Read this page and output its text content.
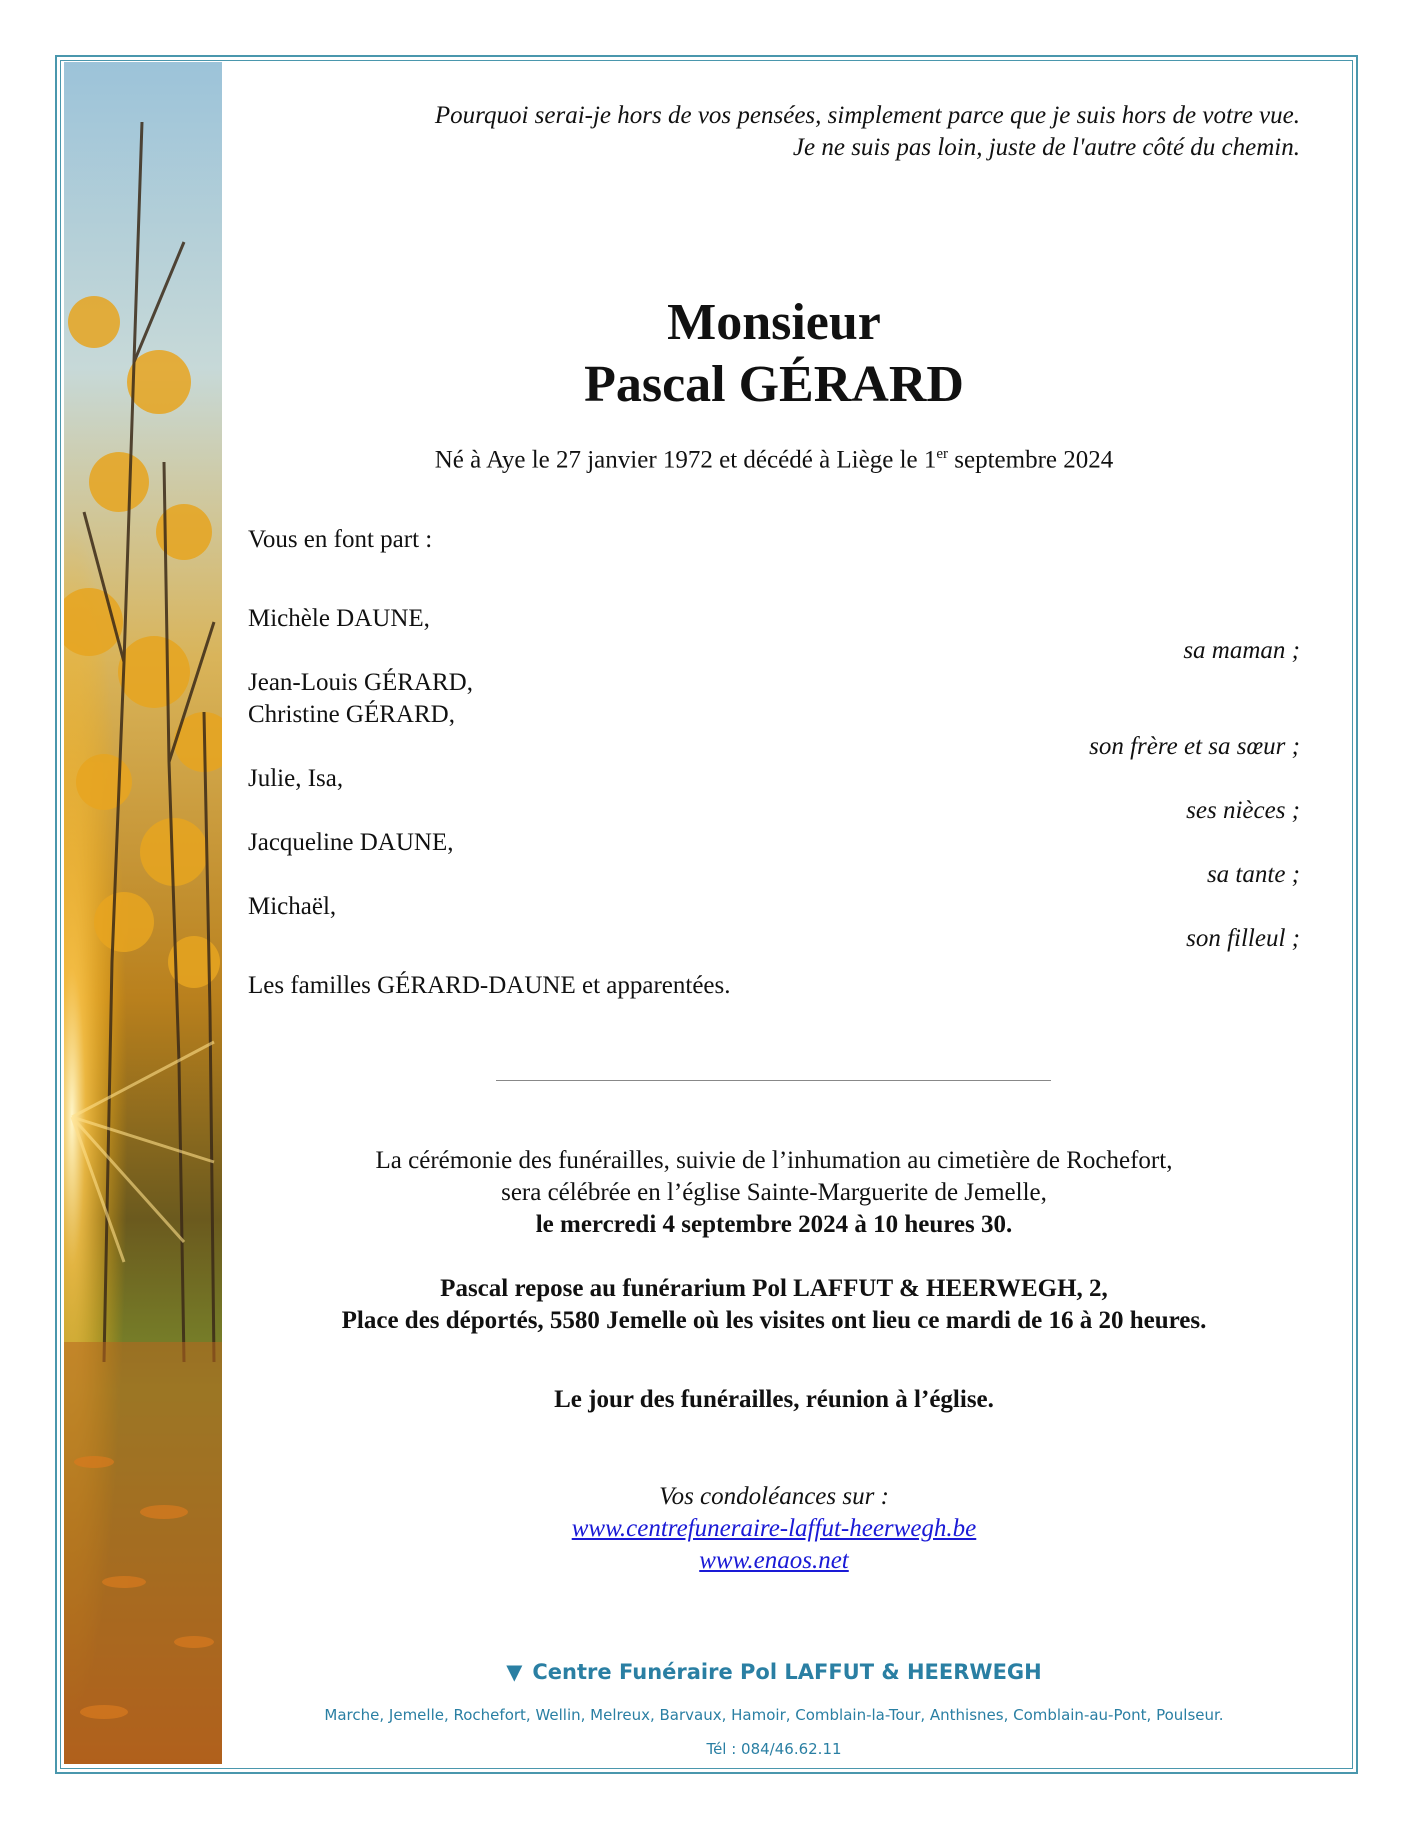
Pourquoi serai-je hors de vos pensées, simplement parce que je suis hors de votre vue.
Je ne suis pas loin, juste de l'autre côté du chemin.
Monsieur
Pascal GÉRARD
Né à Aye le 27 janvier 1972 et décédé à Liège le 1er septembre 2024
Vous en font part :
Michèle DAUNE,
sa maman ;
Jean-Louis GÉRARD,
Christine GÉRARD,
son frère et sa sœur ;
Julie, Isa,
ses nièces ;
Jacqueline DAUNE,
sa tante ;
Michaël,
son filleul ;
Les familles GÉRARD-DAUNE et apparentées.
La cérémonie des funérailles, suivie de l’inhumation au cimetière de Rochefort,
sera célébrée en l’église Sainte-Marguerite de Jemelle,
le mercredi 4 septembre 2024 à 10 heures 30.
Pascal repose au funérarium Pol LAFFUT & HEERWEGH, 2,
Place des déportés, 5580 Jemelle où les visites ont lieu ce mardi de 16 à 20 heures.
Le jour des funérailles, réunion à l’église.
Vos condoléances sur :
www.centrefuneraire-laffut-heerwegh.be
www.enaos.net
▼ Centre Funéraire Pol LAFFUT & HEERWEGH
Marche, Jemelle, Rochefort, Wellin, Melreux, Barvaux, Hamoir, Comblain-la-Tour, Anthisnes, Comblain-au-Pont, Poulseur.
Tél : 084/46.62.11
